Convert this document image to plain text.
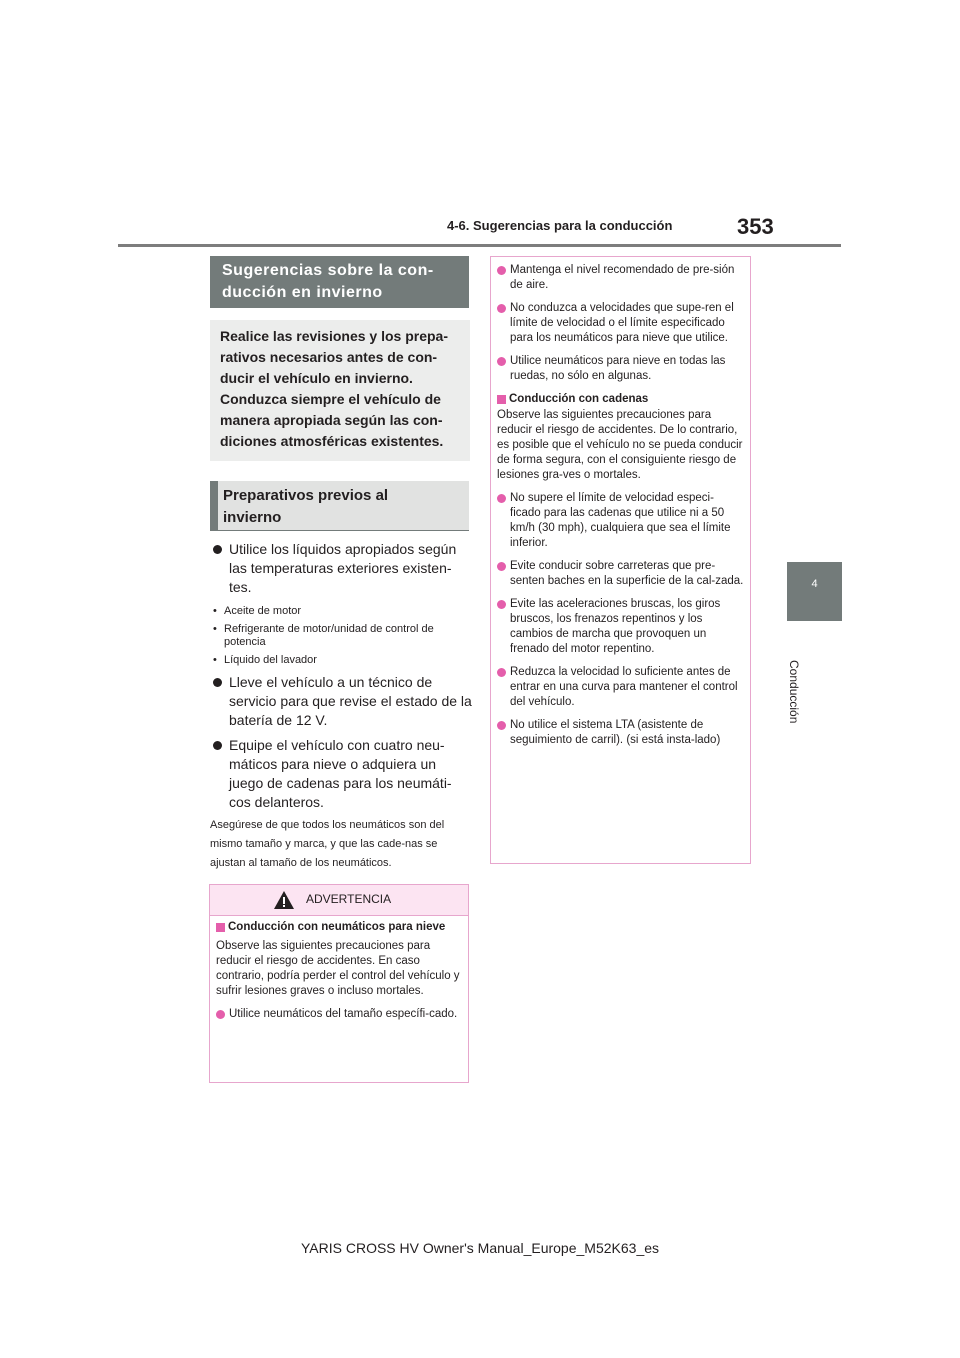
4-6. Sugerencias para la conducción	353
4
Conducción
Sugerencias sobre la con-
ducción en invierno

Realice las revisiones y los prepa-

rativos necesarios antes de con-

ducir el vehículo en invierno.

Conduzca siempre el vehículo de

manera apropiada según las con-

diciones atmosféricas existentes.

Preparativos previos al
invierno
Utilice los líquidos apropiados según las temperaturas exteriores existen-tes.
• Aceite de motor
• Refrigerante de motor/unidad de control de potencia
• Líquido del lavador
Lleve el vehículo a un técnico de servicio para que revise el estado de la batería de 12 V.
Equipe el vehículo con cuatro neu-máticos para nieve o adquiera un juego de cadenas para los neumáti-cos delanteros.

Asegúrese de que todos los neumáticos son del mismo tamaño y marca, y que las cade-nas se ajustan al tamaño de los neumáticos.

ADVERTENCIA
Conducción con neumáticos para nieve

Observe las siguientes precauciones para reducir el riesgo de accidentes. En caso contrario, podría perder el control del vehículo y sufrir lesiones graves o incluso mortales.

Utilice neumáticos del tamaño específi-cado.
Mantenga el nivel recomendado de pre-sión de aire.
No conduzca a velocidades que supe-ren el límite de velocidad o el límite especificado para los neumáticos para nieve que utilice.
Utilice neumáticos para nieve en todas las ruedas, no sólo en algunas.
Conducción con cadenas

Observe las siguientes precauciones para reducir el riesgo de accidentes. De lo contrario, es posible que el vehículo no se pueda conducir de forma segura, con el consiguiente riesgo de lesiones gra-ves o mortales.

No supere el límite de velocidad especi-ficado para las cadenas que utilice ni a 50 km/h (30 mph), cualquiera que sea el límite inferior.
Evite conducir sobre carreteras que pre-senten baches en la superficie de la cal-zada.
Evite las aceleraciones bruscas, los giros bruscos, los frenazos repentinos y los cambios de marcha que provoquen un frenado del motor repentino.
Reduzca la velocidad lo suficiente antes de entrar en una curva para mantener el control del vehículo.
No utilice el sistema LTA (asistente de seguimiento de carril). (si está insta-lado)
YARIS CROSS HV Owner's Manual_Europe_M52K63_es
